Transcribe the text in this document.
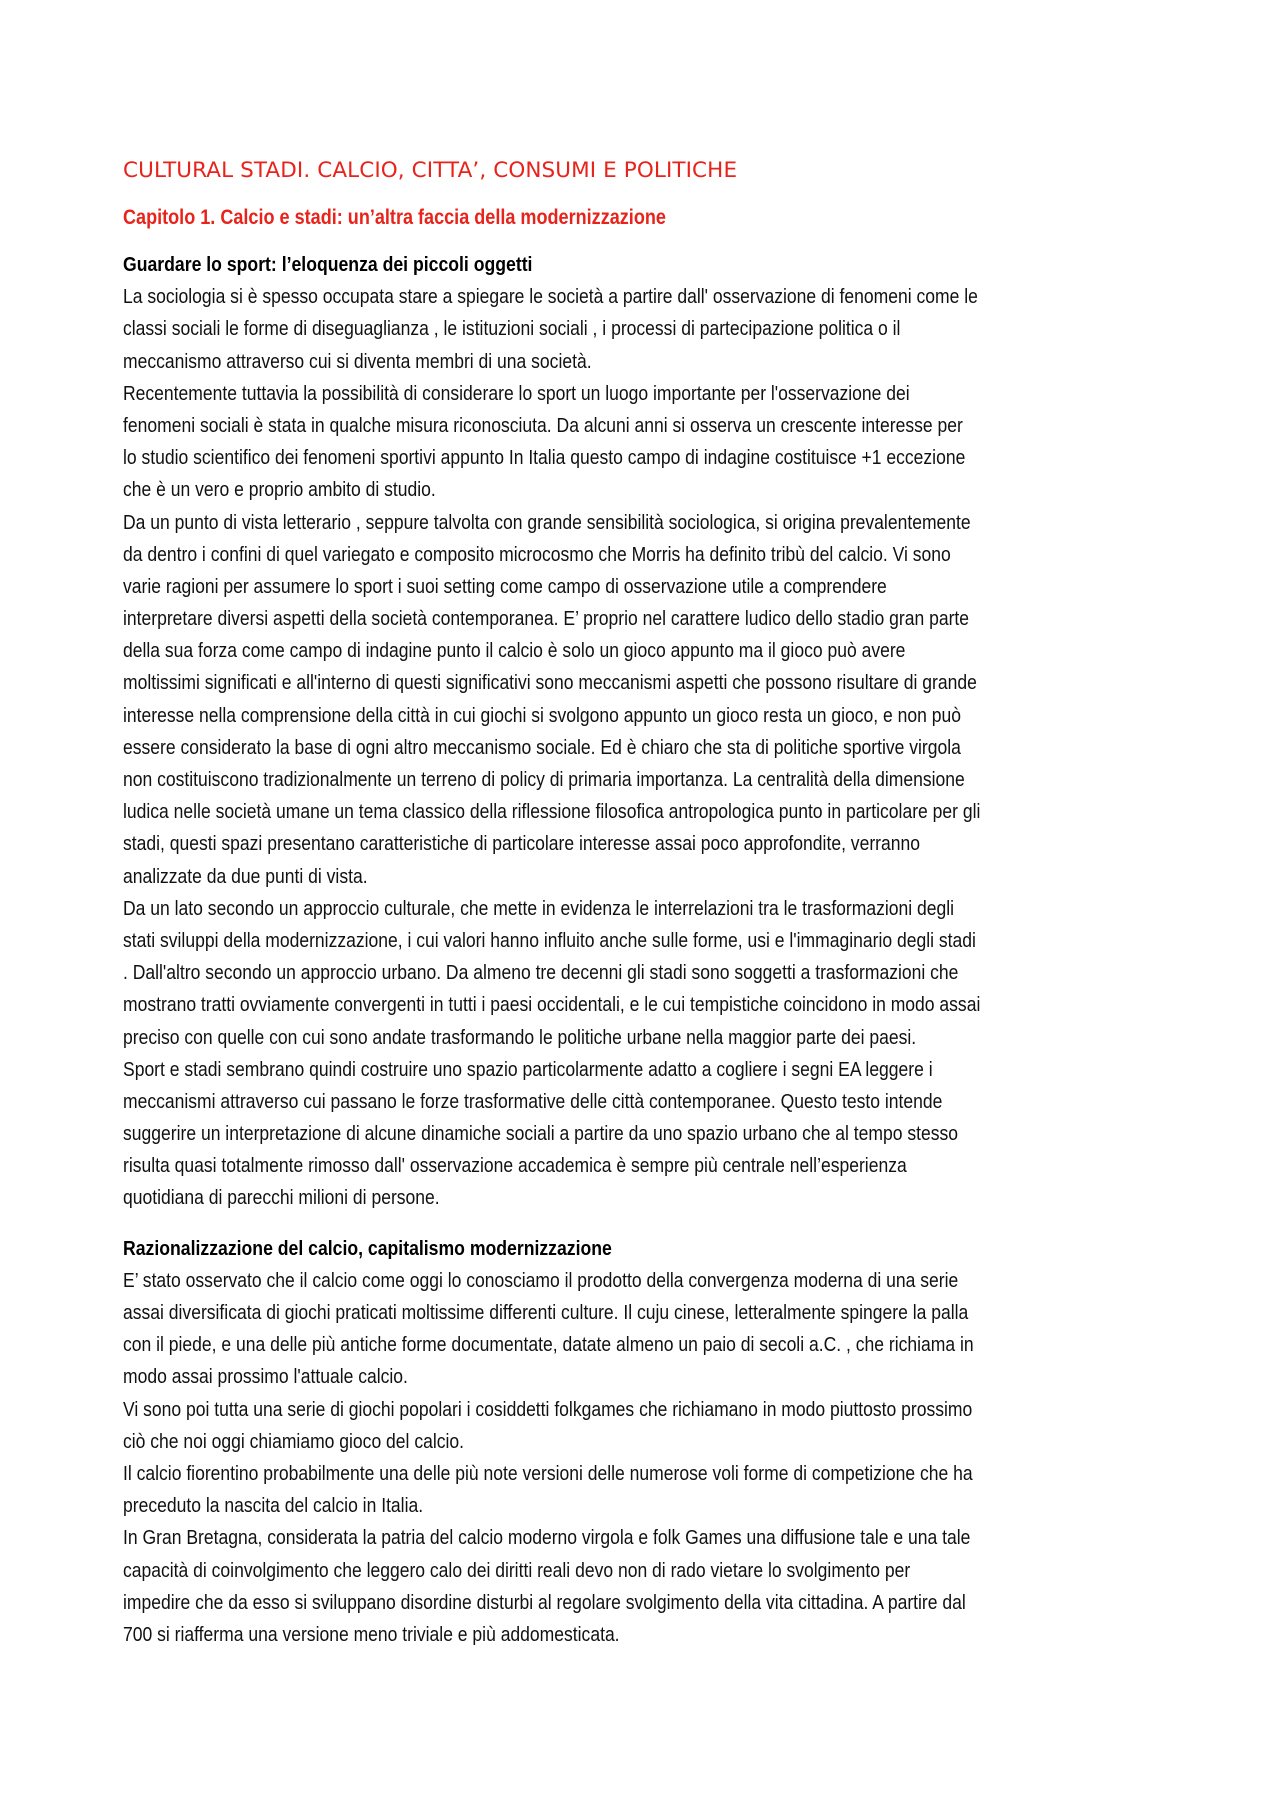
CULTURAL STADI. CALCIO, CITTA’, CONSUMI E POLITICHE
Capitolo 1. Calcio e stadi: un’altra faccia della modernizzazione
Guardare lo sport: l’eloquenza dei piccoli oggetti
La sociologia si è spesso occupata stare a spiegare le società a partire dall' osservazione di fenomeni come le
classi sociali le forme di diseguaglianza , le istituzioni sociali , i processi di partecipazione politica o il
meccanismo attraverso cui si diventa membri di una società.
Recentemente tuttavia la possibilità di considerare lo sport un luogo importante per l'osservazione dei
fenomeni sociali è stata in qualche misura riconosciuta. Da alcuni anni si osserva un crescente interesse per
lo studio scientifico dei fenomeni sportivi appunto In Italia questo campo di indagine costituisce +1 eccezione
che è un vero e proprio ambito di studio.
Da un punto di vista letterario , seppure talvolta con grande sensibilità sociologica, si origina prevalentemente
da dentro i confini di quel variegato e composito microcosmo che Morris ha definito tribù del calcio. Vi sono
varie ragioni per assumere lo sport i suoi setting come campo di osservazione utile a comprendere
interpretare diversi aspetti della società contemporanea. E’ proprio nel carattere ludico dello stadio gran parte
della sua forza come campo di indagine punto il calcio è solo un gioco appunto ma il gioco può avere
moltissimi significati e all'interno di questi significativi sono meccanismi aspetti che possono risultare di grande
interesse nella comprensione della città in cui giochi si svolgono appunto un gioco resta un gioco, e non può
essere considerato la base di ogni altro meccanismo sociale. Ed è chiaro che sta di politiche sportive virgola
non costituiscono tradizionalmente un terreno di policy di primaria importanza. La centralità della dimensione
ludica nelle società umane un tema classico della riflessione filosofica antropologica punto in particolare per gli
stadi, questi spazi presentano caratteristiche di particolare interesse assai poco approfondite, verranno
analizzate da due punti di vista.
Da un lato secondo un approccio culturale, che mette in evidenza le interrelazioni tra le trasformazioni degli
stati sviluppi della modernizzazione, i cui valori hanno influito anche sulle forme, usi e l'immaginario degli stadi
. Dall'altro secondo un approccio urbano. Da almeno tre decenni gli stadi sono soggetti a trasformazioni che
mostrano tratti ovviamente convergenti in tutti i paesi occidentali, e le cui tempistiche coincidono in modo assai
preciso con quelle con cui sono andate trasformando le politiche urbane nella maggior parte dei paesi.
Sport e stadi sembrano quindi costruire uno spazio particolarmente adatto a cogliere i segni EA leggere i
meccanismi attraverso cui passano le forze trasformative delle città contemporanee. Questo testo intende
suggerire un interpretazione di alcune dinamiche sociali a partire da uno spazio urbano che al tempo stesso
risulta quasi totalmente rimosso dall' osservazione accademica è sempre più centrale nell’esperienza
quotidiana di parecchi milioni di persone.
Razionalizzazione del calcio, capitalismo modernizzazione
E’ stato osservato che il calcio come oggi lo conosciamo il prodotto della convergenza moderna di una serie
assai diversificata di giochi praticati moltissime differenti culture. Il cuju cinese, letteralmente spingere la palla
con il piede, e una delle più antiche forme documentate, datate almeno un paio di secoli a.C. , che richiama in
modo assai prossimo l'attuale calcio.
Vi sono poi tutta una serie di giochi popolari i cosiddetti folkgames che richiamano in modo piuttosto prossimo
ciò che noi oggi chiamiamo gioco del calcio.
Il calcio fiorentino probabilmente una delle più note versioni delle numerose voli forme di competizione che ha
preceduto la nascita del calcio in Italia.
In Gran Bretagna, considerata la patria del calcio moderno virgola e folk Games una diffusione tale e una tale
capacità di coinvolgimento che leggero calo dei diritti reali devo non di rado vietare lo svolgimento per
impedire che da esso si sviluppano disordine disturbi al regolare svolgimento della vita cittadina. A partire dal
700 si riafferma una versione meno triviale e più addomesticata.
